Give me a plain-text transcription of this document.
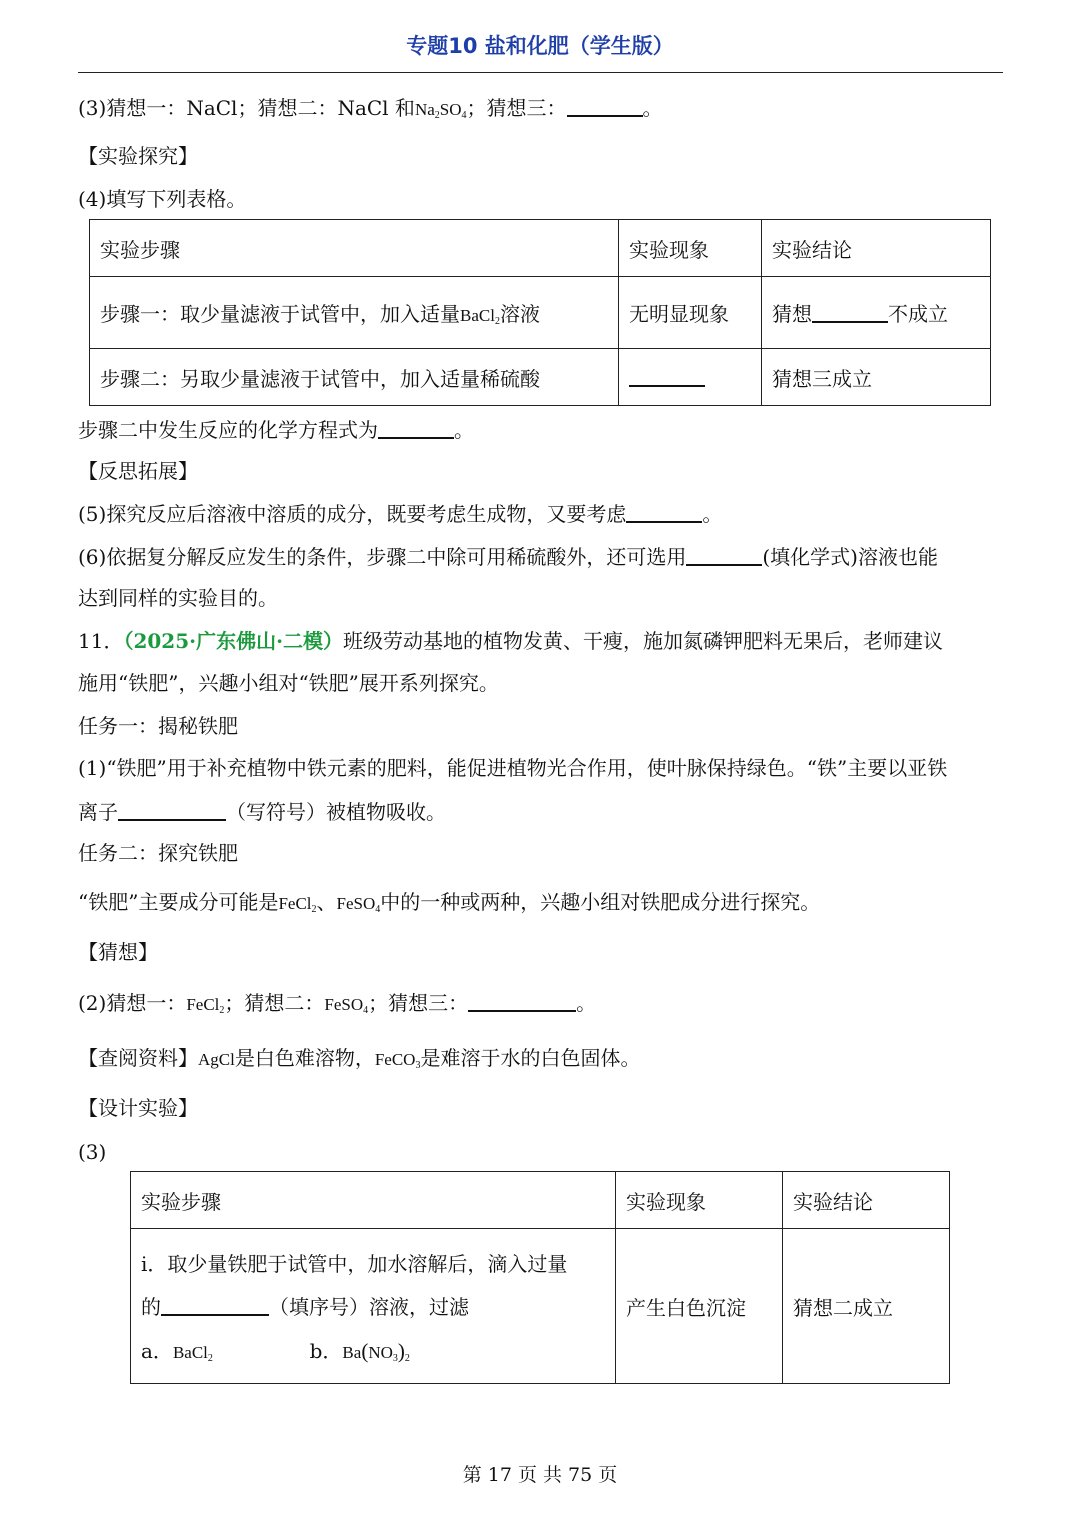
专题10 盐和化肥（学生版）
(3)猜想一：NaCl；猜想二：NaCl 和$Na_2SO_4$；猜想三：	。
【实验探究】
(4)填写下列表格。
实验步骤	实验现象	实验结论
步骤一：取少量滤液于试管中，加入适量BaCl$_2$溶液	无明显现象	猜想 不成立
步骤二：另取少量滤液于试管中，加入适量稀硫酸		猜想三成立
步骤二中发生反应的化学方程式为	。
【反思拓展】
(5)探究反应后溶液中溶质的成分，既要考虑生成物，又要考虑	。
(6)依据复分解反应发生的条件，步骤二中除可用稀硫酸外，还可选用	(填化学式)溶液也能
达到同样的实验目的。
11．（2025·广东佛山·二模）班级劳动基地的植物发黄、干瘦，施加氮磷钾肥料无果后，老师建议
施用“铁肥”，兴趣小组对“铁肥”展开系列探究。
任务一：揭秘铁肥
(1)“铁肥”用于补充植物中铁元素的肥料，能促进植物光合作用，使叶脉保持绿色。“铁”主要以亚铁
离子	（写符号）被植物吸收。
任务二：探究铁肥
“铁肥”主要成分可能是FeCl$_2$、FeSO$_4$中的一种或两种，兴趣小组对铁肥成分进行探究。
【猜想】
(2)猜想一：FeCl$_2$；猜想二：FeSO$_4$；猜想三：	。
【查阅资料】AgCl是白色难溶物，FeCO$_3$是难溶于水的白色固体。
【设计实验】
(3)
实验步骤	实验现象	实验结论

i．取少量铁肥于试管中，加水溶解后，滴入过量
的 （填序号）溶液，过滤
a．BaCl$_2$ b．$Ba(NO_3)_2$	产生白色沉淀	猜想二成立
第 17 页 共 75 页
